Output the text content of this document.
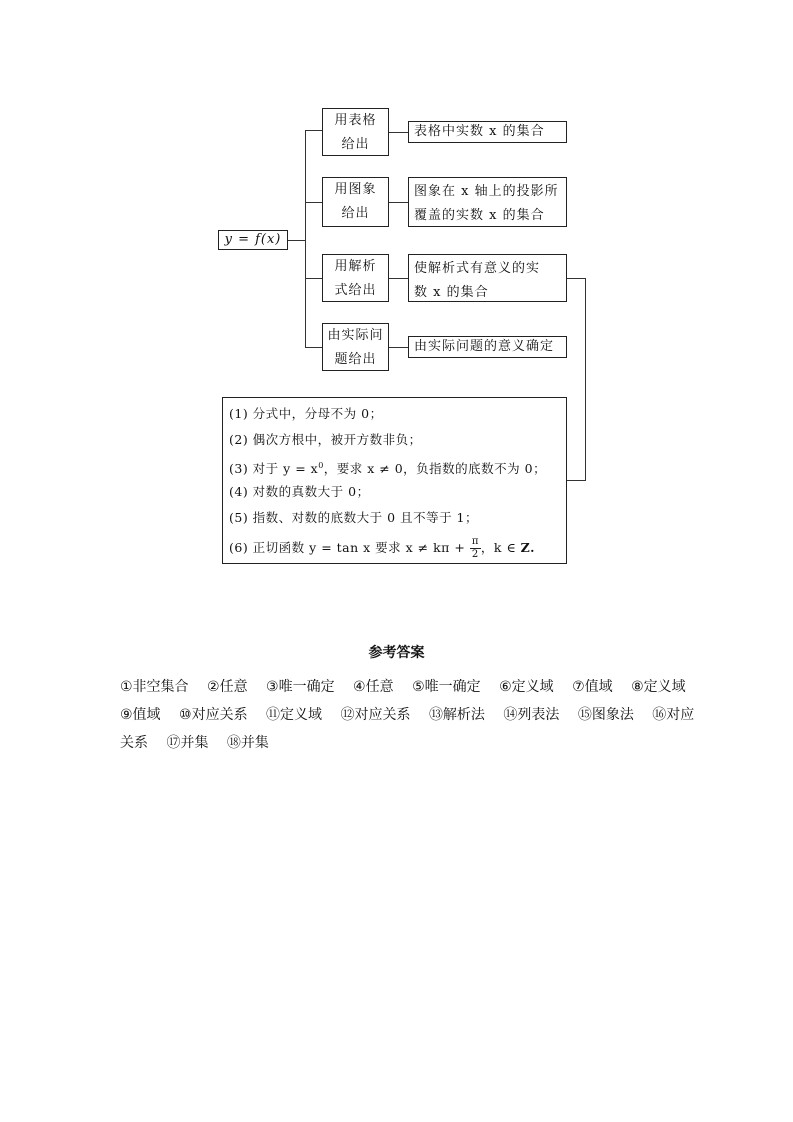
y = f(x)
用表格
给出
用图象
给出
用解析
式给出
由实际问
题给出
表格中实数 x 的集合
图象在 x 轴上的投影所
覆盖的实数 x 的集合
使解析式有意义的实
数 x 的集合
由实际问题的意义确定
(1) 分式中，分母不为 0；
(2) 偶次方根中，被开方数非负；
(3) 对于 $y = x^0$，要求 x ≠ 0，负指数的底数不为 0；
(4) 对数的真数大于 0；
(5) 指数、对数的底数大于 0 且不等于 1；
(6) 正切函数 y = tan x 要求 $x \ne k\pi + \frac{\pi}{2}$ ，k ∈ Z.
参考答案
①非空集合 ②任意 ③唯一确定 ④任意 ⑤唯一确定 ⑥定义域 ⑦值域 ⑧定义域
⑨值域 ⑩对应关系 ⑪定义域 ⑫对应关系 ⑬解析法 ⑭列表法 ⑮图象法 ⑯对应
关系 ⑰并集 ⑱并集
